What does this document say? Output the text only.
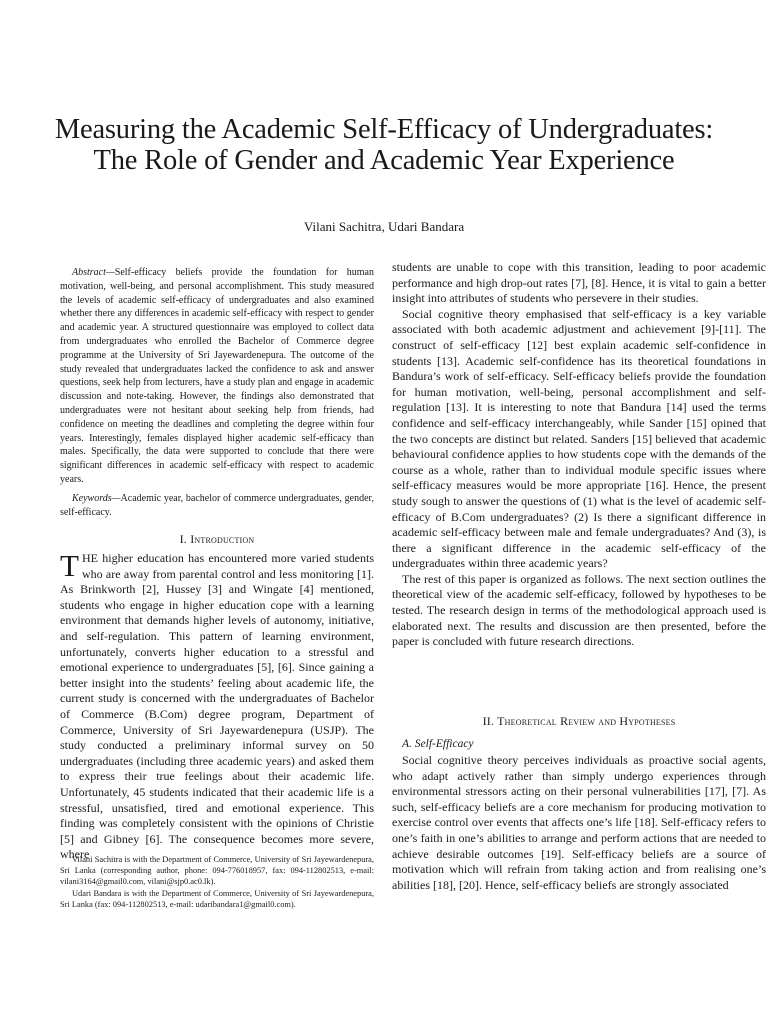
Measuring the Academic Self-Efficacy of Undergraduates: The Role of Gender and Academic Year Experience
Vilani Sachitra, Udari Bandara

Abstract—Self-efficacy beliefs provide the foundation for human motivation, well-being, and personal accomplishment. This study measured the levels of academic self-efficacy of undergraduates and also examined whether there any differences in academic self-efficacy with respect to gender and academic year. A structured questionnaire was employed to collect data from undergraduates who enrolled the Bachelor of Commerce degree programme at the University of Sri Jayewardenepura. The outcome of the study revealed that undergraduates lacked the confidence to ask and answer questions, seek help from lecturers, have a study plan and engage in academic discussion and note-taking. However, the findings also demonstrated that undergraduates were not hesitant about seeking help from friends, had confidence on meeting the deadlines and completing the degree within four years. Interestingly, females displayed higher academic self-efficacy than males. Specifically, the data were supported to conclude that there were significant differences in academic self-efficacy with respect to academic years.

Keywords—Academic year, bachelor of commerce undergraduates, gender, self-efficacy.

I. Introduction

THE higher education has encountered more varied students who are away from parental control and less monitoring [1]. As Brinkworth [2], Hussey [3] and Wingate [4] mentioned, students who engage in higher education cope with a learning environment that demands higher levels of autonomy, initiative, and self-regulation. This pattern of learning environment, unfortunately, converts higher education to a stressful and emotional experience to undergraduates [5], [6]. Since gaining a better insight into the students’ feeling about academic life, the current study is concerned with the undergraduates of Bachelor of Commerce (B.Com) degree program, Department of Commerce, University of Sri Jayewardenepura (USJP). The study conducted a preliminary informal survey on 50 undergraduates (including three academic years) and asked them to express their true feelings about their academic life. Unfortunately, 45 students indicated that their academic life is a stressful, unsatisfied, tired and emotional experience. This finding was completely consistent with the opinions of Christie [5] and Gibney [6]. The consequence becomes more severe, where

Vilani Sachitra is with the Department of Commerce, University of Sri Jayewardenepura, Sri Lanka (corresponding author, phone: 094-776018957, fax: 094-112802513, e-mail: vilani3164@gmail0.com, vilani@sjp0.ac0.lk).

Udari Bandara is with the Department of Commerce, University of Sri Jayewardenepura, Sri Lanka (fax: 094-112802513, e-mail: udaribandara1@gmail0.com).

students are unable to cope with this transition, leading to poor academic performance and high drop-out rates [7], [8]. Hence, it is vital to gain a better insight into attributes of students who persevere in their studies.

Social cognitive theory emphasised that self-efficacy is a key variable associated with both academic adjustment and achievement [9]-[11]. The construct of self-efficacy [12] best explain academic self-confidence in students [13]. Academic self-confidence has its theoretical foundations in Bandura’s work of self-efficacy. Self-efficacy beliefs provide the foundation for human motivation, well-being, personal accomplishment and self-regulation [13]. It is interesting to note that Bandura [14] used the terms confidence and self-efficacy interchangeably, while Sander [15] opined that the two concepts are distinct but related. Sanders [15] believed that academic behavioural confidence applies to how students cope with the demands of the course as a whole, rather than to individual module specific issues where self-efficacy measures would be more appropriate [16]. Hence, the present study sough to answer the questions of (1) what is the level of academic self-efficacy of B.Com undergraduates? (2) Is there a significant difference in academic self-efficacy between male and female undergraduates? And (3), is there a significant difference in the academic self-efficacy of the undergraduates within three academic years?

The rest of this paper is organized as follows. The next section outlines the theoretical view of the academic self-efficacy, followed by hypotheses to be tested. The research design in terms of the methodological approach used is elaborated next. The results and discussion are then presented, before the paper is concluded with future research directions.

II. Theoretical Review and Hypotheses
A. Self-Efficacy

Social cognitive theory perceives individuals as proactive social agents, who adapt actively rather than simply undergo experiences through environmental stressors acting on their personal vulnerabilities [17], [7]. As such, self-efficacy beliefs are a core mechanism for producing motivation to exercise control over events that affects one’s life [18]. Self-efficacy refers to one’s faith in one’s abilities to arrange and perform actions that are needed to achieve desirable outcomes [19]. Self-efficacy beliefs are a source of motivation which will refrain from taking action and from realising one’s abilities [18], [20]. Hence, self-efficacy beliefs are strongly associated
